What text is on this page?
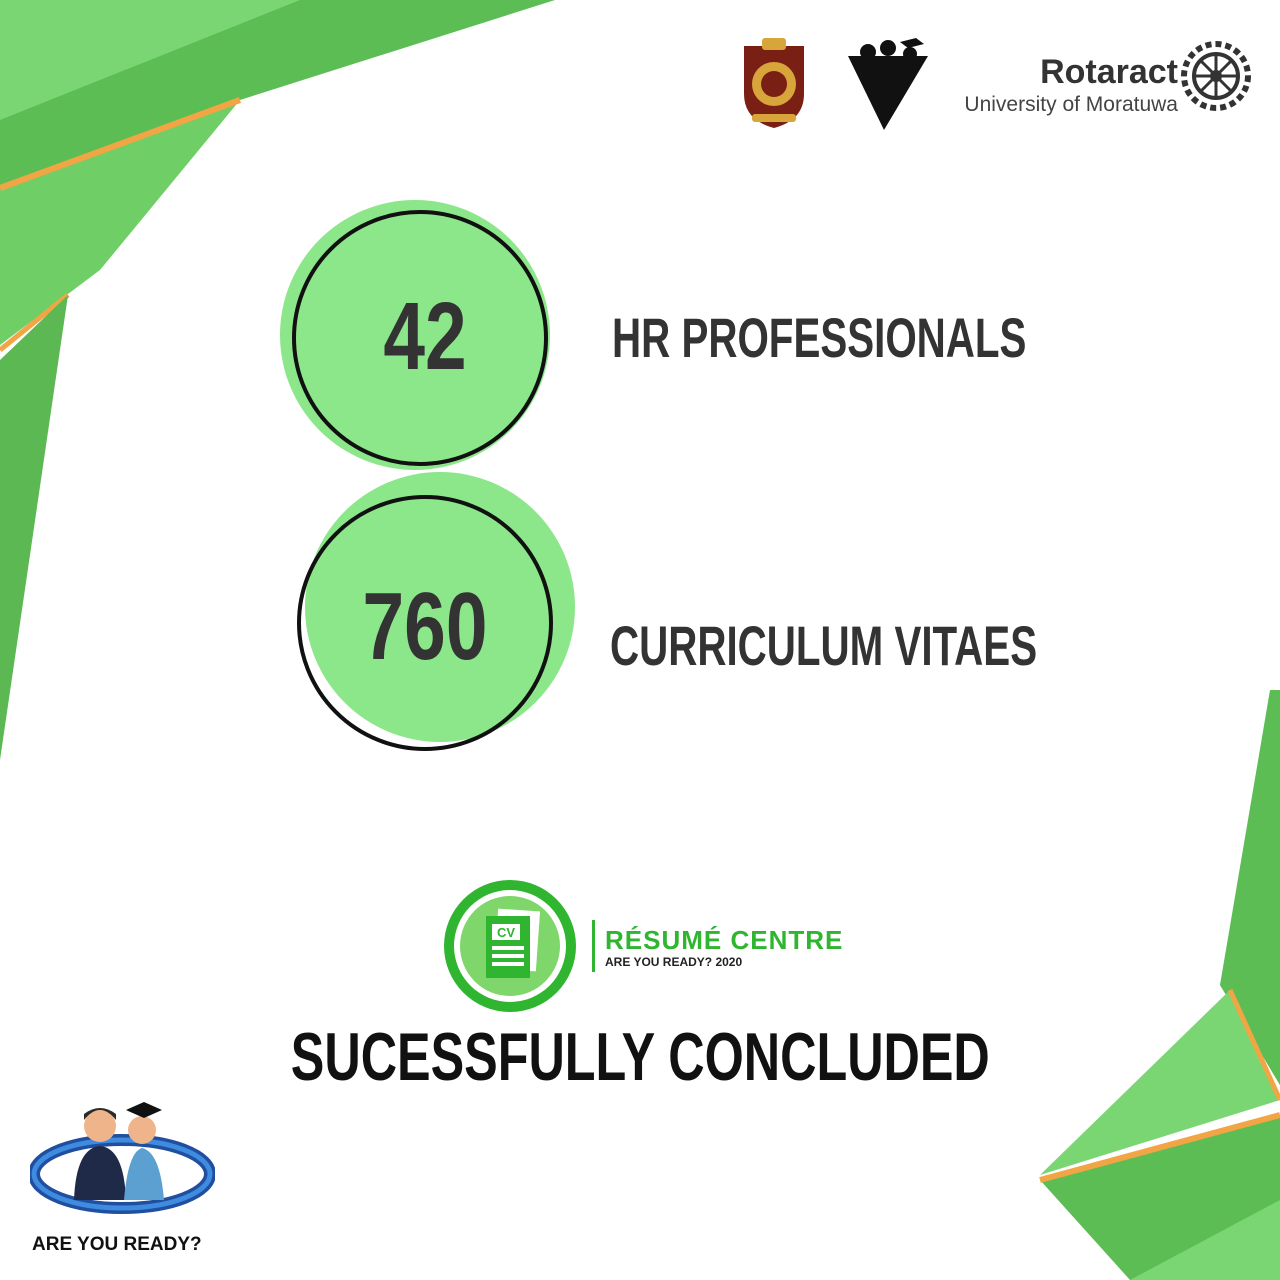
Rotaract
University of Moratuwa
42	HR PROFESSIONALS
760	CURRICULUM VITAES
CV	RÉSUMÉ CENTRE
ARE YOU READY? 2020
SUCESSFULLY CONCLUDED
ARE YOU READY?
